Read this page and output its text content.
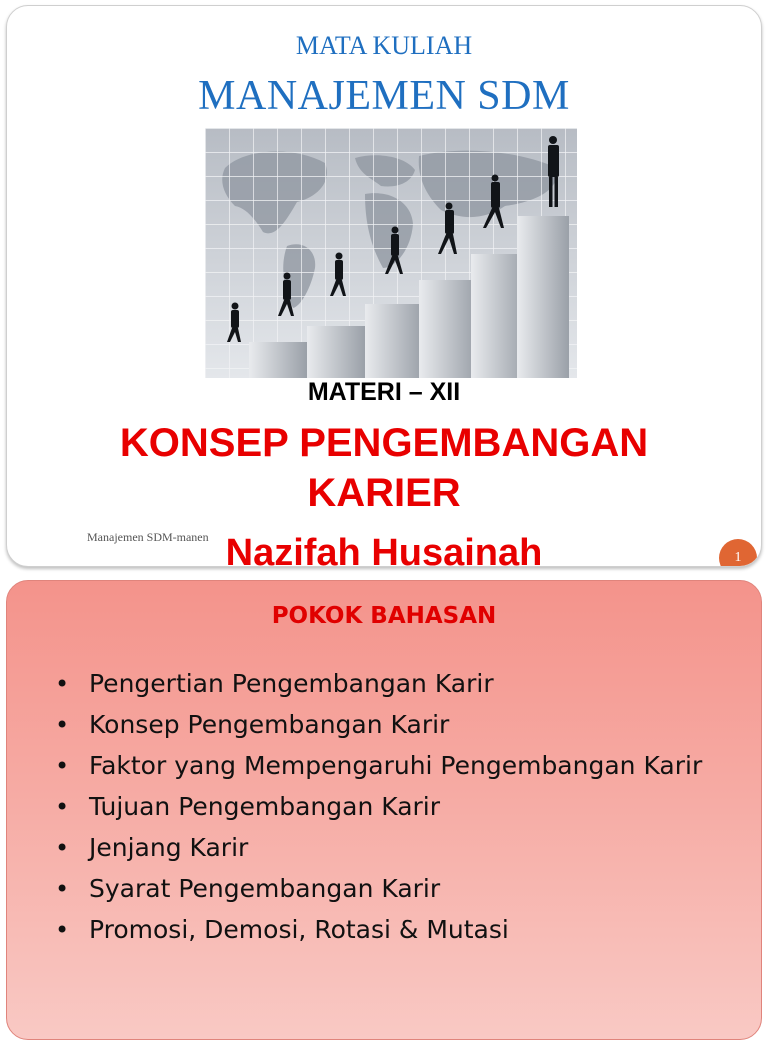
MATA KULIAH
MANAJEMEN SDM
MATERI – XII
KONSEP PENGEMBANGAN
KARIER
Manajemen SDM-manen Nazifah Husainah	1
POKOK BAHASAN
• Pengertian Pengembangan Karir
• Konsep Pengembangan Karir
• Faktor yang Mempengaruhi Pengembangan Karir
• Tujuan Pengembangan Karir
• Jenjang Karir
• Syarat Pengembangan Karir
• Promosi, Demosi, Rotasi & Mutasi
